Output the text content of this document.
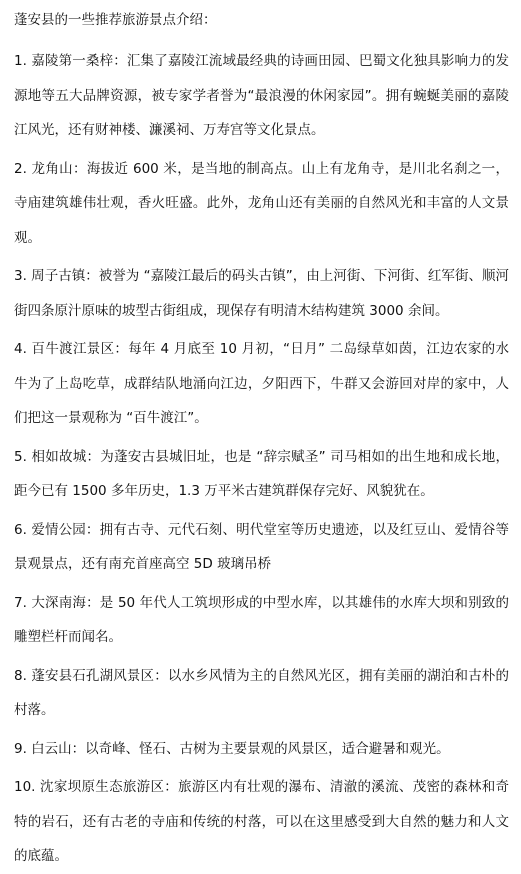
蓬安县的一些推荐旅游景点介绍：

1. 嘉陵第一桑梓：汇集了嘉陵江流域最经典的诗画田园、巴蜀文化独具影响力的发源地等五大品牌资源，被专家学者誉为“最浪漫的休闲家园”。拥有蜿蜒美丽的嘉陵江风光，还有财神楼、濂溪祠、万寿宫等文化景点。
2. 龙角山：海拔近 600 米，是当地的制高点。山上有龙角寺，是川北名刹之一，寺庙建筑雄伟壮观，香火旺盛。此外，龙角山还有美丽的自然风光和丰富的人文景观。
3. 周子古镇：被誉为 “嘉陵江最后的码头古镇”，由上河街、下河街、红军街、顺河街四条原汁原味的坡型古街组成，现保存有明清木结构建筑 3000 余间。
4. 百牛渡江景区：每年 4 月底至 10 月初，“日月” 二岛绿草如茵，江边农家的水牛为了上岛吃草，成群结队地涌向江边，夕阳西下，牛群又会游回对岸的家中，人们把这一景观称为 “百牛渡江”。
5. 相如故城：为蓬安古县城旧址，也是 “辞宗赋圣” 司马相如的出生地和成长地，距今已有 1500 多年历史，1.3 万平米古建筑群保存完好、风貌犹在。
6. 爱情公园：拥有古寺、元代石刻、明代堂室等历史遗迹，以及红豆山、爱情谷等景观景点，还有南充首座高空 5D 玻璃吊桥
7. 大深南海：是 50 年代人工筑坝形成的中型水库，以其雄伟的水库大坝和别致的雕塑栏杆而闻名。
8. 蓬安县石孔湖风景区：以水乡风情为主的自然风光区，拥有美丽的湖泊和古朴的村落。
9. 白云山：以奇峰、怪石、古树为主要景观的风景区，适合避暑和观光。
10. 沈家坝原生态旅游区：旅游区内有壮观的瀑布、清澈的溪流、茂密的森林和奇特的岩石，还有古老的寺庙和传统的村落，可以在这里感受到大自然的魅力和人文的底蕴。
